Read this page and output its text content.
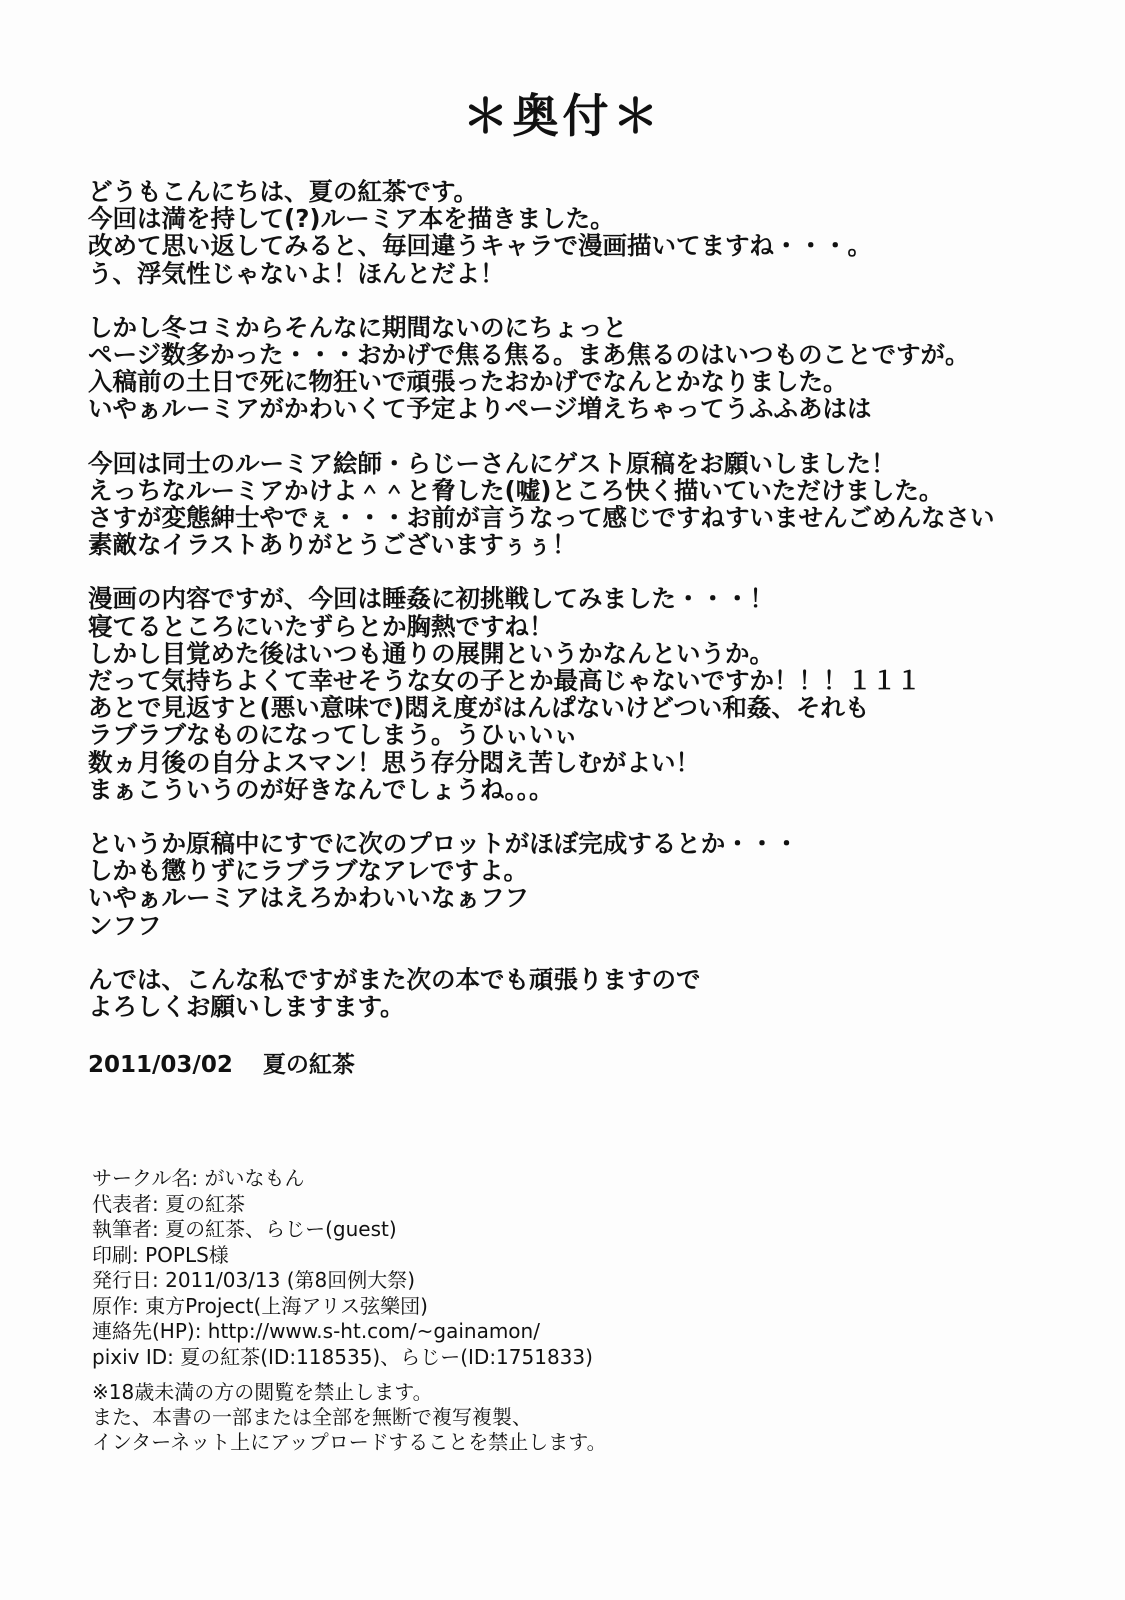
＊奥付＊
どうもこんにちは、夏の紅茶です。
今回は満を持して(?)ルーミア本を描きました。
改めて思い返してみると、毎回違うキャラで漫画描いてますね・・・。
う、浮気性じゃないよ！ほんとだよ！
しかし冬コミからそんなに期間ないのにちょっと
ページ数多かった・・・おかげで焦る焦る。まあ焦るのはいつものことですが。
入稿前の土日で死に物狂いで頑張ったおかげでなんとかなりました。
いやぁルーミアがかわいくて予定よりページ増えちゃってうふふあはは
今回は同士のルーミア絵師・らじーさんにゲスト原稿をお願いしました！
えっちなルーミアかけよ＾＾と脅した(嘘)ところ快く描いていただけました。
さすが変態紳士やでぇ・・・お前が言うなって感じですねすいませんごめんなさい
素敵なイラストありがとうございますぅぅ！
漫画の内容ですが、今回は睡姦に初挑戦してみました・・・！
寝てるところにいたずらとか胸熱ですね！
しかし目覚めた後はいつも通りの展開というかなんというか。
だって気持ちよくて幸せそうな女の子とか最高じゃないですか！！！１１１
あとで見返すと(悪い意味で)悶え度がはんぱないけどつい和姦、それも
ラブラブなものになってしまう。うひぃいぃ
数ヵ月後の自分よスマン！思う存分悶え苦しむがよい！
まぁこういうのが好きなんでしょうね。。。
というか原稿中にすでに次のプロットがほぼ完成するとか・・・
しかも懲りずにラブラブなアレですよ。
いやぁルーミアはえろかわいいなぁフフ
ンフフ
んでは、こんな私ですがまた次の本でも頑張りますので
よろしくお願いしますます。
2011/03/02 夏の紅茶
サークル名: がいなもん
代表者: 夏の紅茶
執筆者: 夏の紅茶、らじー(guest)
印刷: POPLS様
発行日: 2011/03/13 (第8回例大祭)
原作: 東方Project(上海アリス弦樂団)
連絡先(HP): http://www.s-ht.com/~gainamon/
pixiv ID: 夏の紅茶(ID:118535)、らじー(ID:1751833)
※18歳未満の方の閲覧を禁止します。
また、本書の一部または全部を無断で複写複製、
インターネット上にアップロードすることを禁止します。
